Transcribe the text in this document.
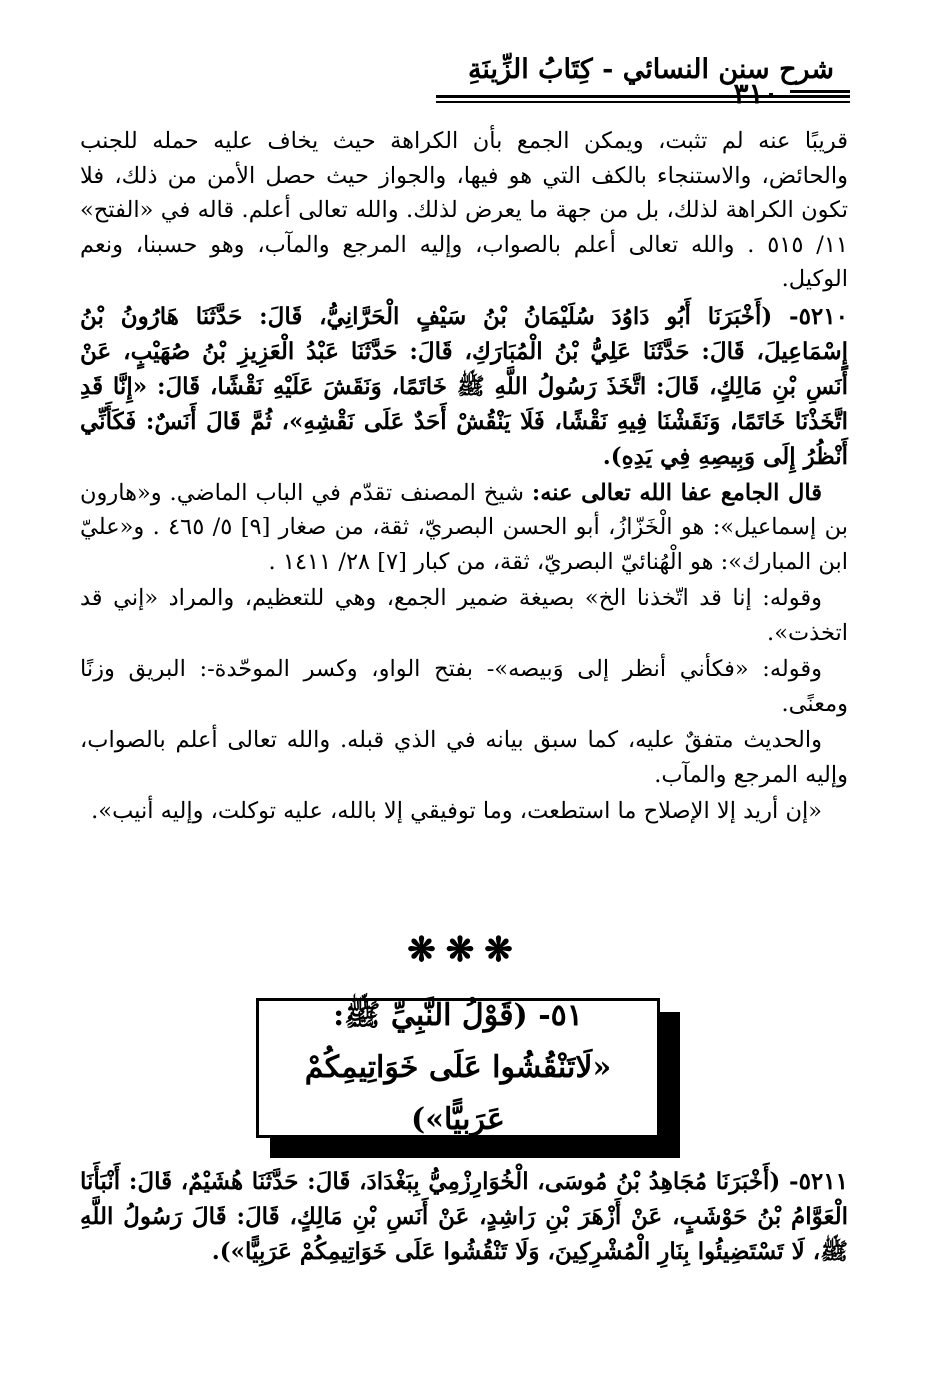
شرح سنن النسائي - كِتَابُ الزِّينَةِ
٣١٠

قريبًا عنه لم تثبت، ويمكن الجمع بأن الكراهة حيث يخاف عليه حمله للجنب والحائض، والاستنجاء بالكف التي هو فيها، والجواز حيث حصل الأمن من ذلك، فلا تكون الكراهة لذلك، بل من جهة ما يعرض لذلك. والله تعالى أعلم. قاله في «الفتح» ١١/ ٥١٥ . والله تعالى أعلم بالصواب، وإليه المرجع والمآب، وهو حسبنا، ونعم الوكيل.

٥٢١٠- (أَخْبَرَنَا أَبُو دَاوُدَ سُلَيْمَانُ بْنُ سَيْفٍ الْحَرَّانِيُّ، قَالَ: حَدَّثَنَا هَارُونُ بْنُ إِسْمَاعِيلَ، قَالَ: حَدَّثَنَا عَلِيُّ بْنُ الْمُبَارَكِ، قَالَ: حَدَّثَنَا عَبْدُ الْعَزِيزِ بْنُ صُهَيْبٍ، عَنْ أَنَسِ بْنِ مَالِكٍ، قَالَ: اتَّخَذَ رَسُولُ اللَّهِ ﷺ خَاتَمًا، وَنَقَشَ عَلَيْهِ نَقْشًا، قَالَ: «إِنَّا قَدِ اتَّخَذْنَا خَاتَمًا، وَنَقَشْنَا فِيهِ نَقْشًا، فَلَا يَنْقُشْ أَحَدٌ عَلَى نَقْشِهِ»، ثُمَّ قَالَ أَنَسٌ: فَكَأَنِّي أَنْظُرُ إِلَى وَبِيصِهِ فِي يَدِهِ).

قال الجامع عفا الله تعالى عنه: شيخ المصنف تقدّم في الباب الماضي. و«هارون بن إسماعيل»: هو الْخَزّازُ، أبو الحسن البصريّ، ثقة، من صغار [٩] ٥/ ٤٦٥ . و«عليّ ابن المبارك»: هو الْهُنائيّ البصريّ، ثقة، من كبار [٧] ٢٨/ ١٤١١ .

وقوله: إنا قد اتّخذنا الخ» بصيغة ضمير الجمع، وهي للتعظيم، والمراد «إني قد اتخذت».

وقوله: «فكأني أنظر إلى وَبيصه»- بفتح الواو، وكسر الموحّدة-: البريق وزنًا ومعنًى.

والحديث متفقٌ عليه، كما سبق بيانه في الذي قبله. والله تعالى أعلم بالصواب، وإليه المرجع والمآب.

«إن أريد إلا الإصلاح ما استطعت، وما توفيقي إلا بالله، عليه توكلت، وإليه أنيب».

❋❋❋
٥١- (قَوْلُ النَّبِيِّ ﷺ: «لَاتَنْقُشُوا عَلَى خَوَاتِيمِكُمْ عَرَبِيًّا»)
٥٢١١- (أَخْبَرَنَا مُجَاهِدُ بْنُ مُوسَى، الْخُوَارِزْمِيُّ بِبَغْدَادَ، قَالَ: حَدَّثَنَا هُشَيْمٌ، قَالَ: أَنْبَأَنَا الْعَوَّامُ بْنُ حَوْشَبٍ، عَنْ أَزْهَرَ بْنِ رَاشِدٍ، عَنْ أَنَسِ بْنِ مَالِكٍ، قَالَ: قَالَ رَسُولُ اللَّهِ ﷺ، لَا تَسْتَضِيئُوا بِنَارِ الْمُشْرِكِينَ، وَلَا تَنْقُشُوا عَلَى خَوَاتِيمِكُمْ عَرَبِيًّا»).
